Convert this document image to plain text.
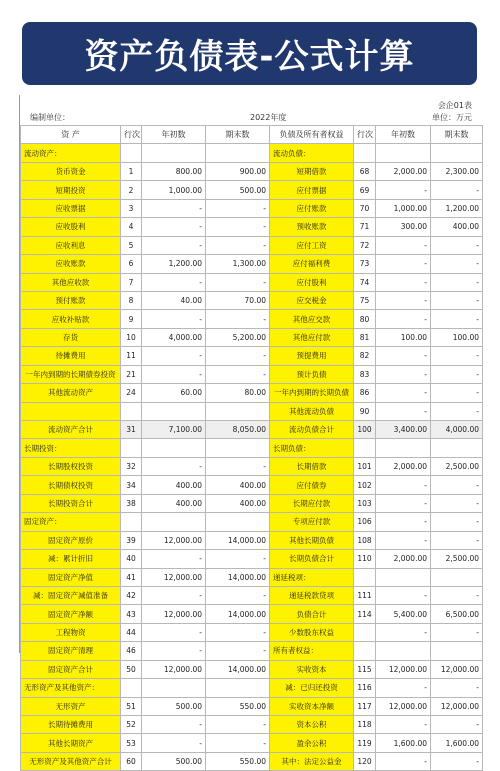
资产负债表-公式计算
会企01表
编制单位：	2022年度	单位：万元
资 产	行次	年初数	期末数	负债及所有者权益	行次	年初数	期末数
流动资产：				流动负债：			
货币资金	1	800.00	900.00	短期借款	68	2,000.00	2,300.00
短期投资	2	1,000.00	500.00	应付票据	69	-	-
应收票据	3	-	-	应付账款	70	1,000.00	1,200.00
应收股利	4	-	-	预收账款	71	300.00	400.00
应收利息	5	-	-	应付工资	72	-	-
应收账款	6	1,200.00	1,300.00	应付福利费	73	-	-
其他应收款	7	-	-	应付股利	74	-	-
预付账款	8	40.00	70.00	应交税金	75	-	-
应收补贴款	9	-	-	其他应交款	80	-	-
存货	10	4,000.00	5,200.00	其他应付款	81	100.00	100.00
待摊费用	11	-	-	预提费用	82	-	-
一年内到期的长期债券投资	21	-	-	预计负债	83	-	-
其他流动资产	24	60.00	80.00	一年内到期的长期负债	86	-	-
				其他流动负债	90	-	-
流动资产合计	31	7,100.00	8,050.00	流动负债合计	100	3,400.00	4,000.00
长期投资：				长期负债：			
长期股权投资	32	-	-	长期借款	101	2,000.00	2,500.00
长期债权投资	34	400.00	400.00	应付债券	102	-	-
长期投资合计	38	400.00	400.00	长期应付款	103	-	-
固定资产：				专项应付款	106	-	-
固定资产原价	39	12,000.00	14,000.00	其他长期负债	108	-	-
减：累计折旧	40	-	-	长期负债合计	110	2,000.00	2,500.00
固定资产净值	41	12,000.00	14,000.00	递延税项：			
减：固定资产减值准备	42	-	-	递延税款贷项	111	-	-
固定资产净额	43	12,000.00	14,000.00	负债合计	114	5,400.00	6,500.00
工程物资	44	-	-	少数股东权益		-	-
固定资产清理	46	-	-	所有者权益：			
固定资产合计	50	12,000.00	14,000.00	实收资本	115	12,000.00	12,000.00
无形资产及其他资产：				减：已归还投资	116	-	-
无形资产	51	500.00	550.00	实收资本净额	117	12,000.00	12,000.00
长期待摊费用	52	-	-	资本公积	118	-	-
其他长期资产	53	-	-	盈余公积	119	1,600.00	1,600.00
无形资产及其他资产合计	60	500.00	550.00	其中：法定公益金	120	-	-
